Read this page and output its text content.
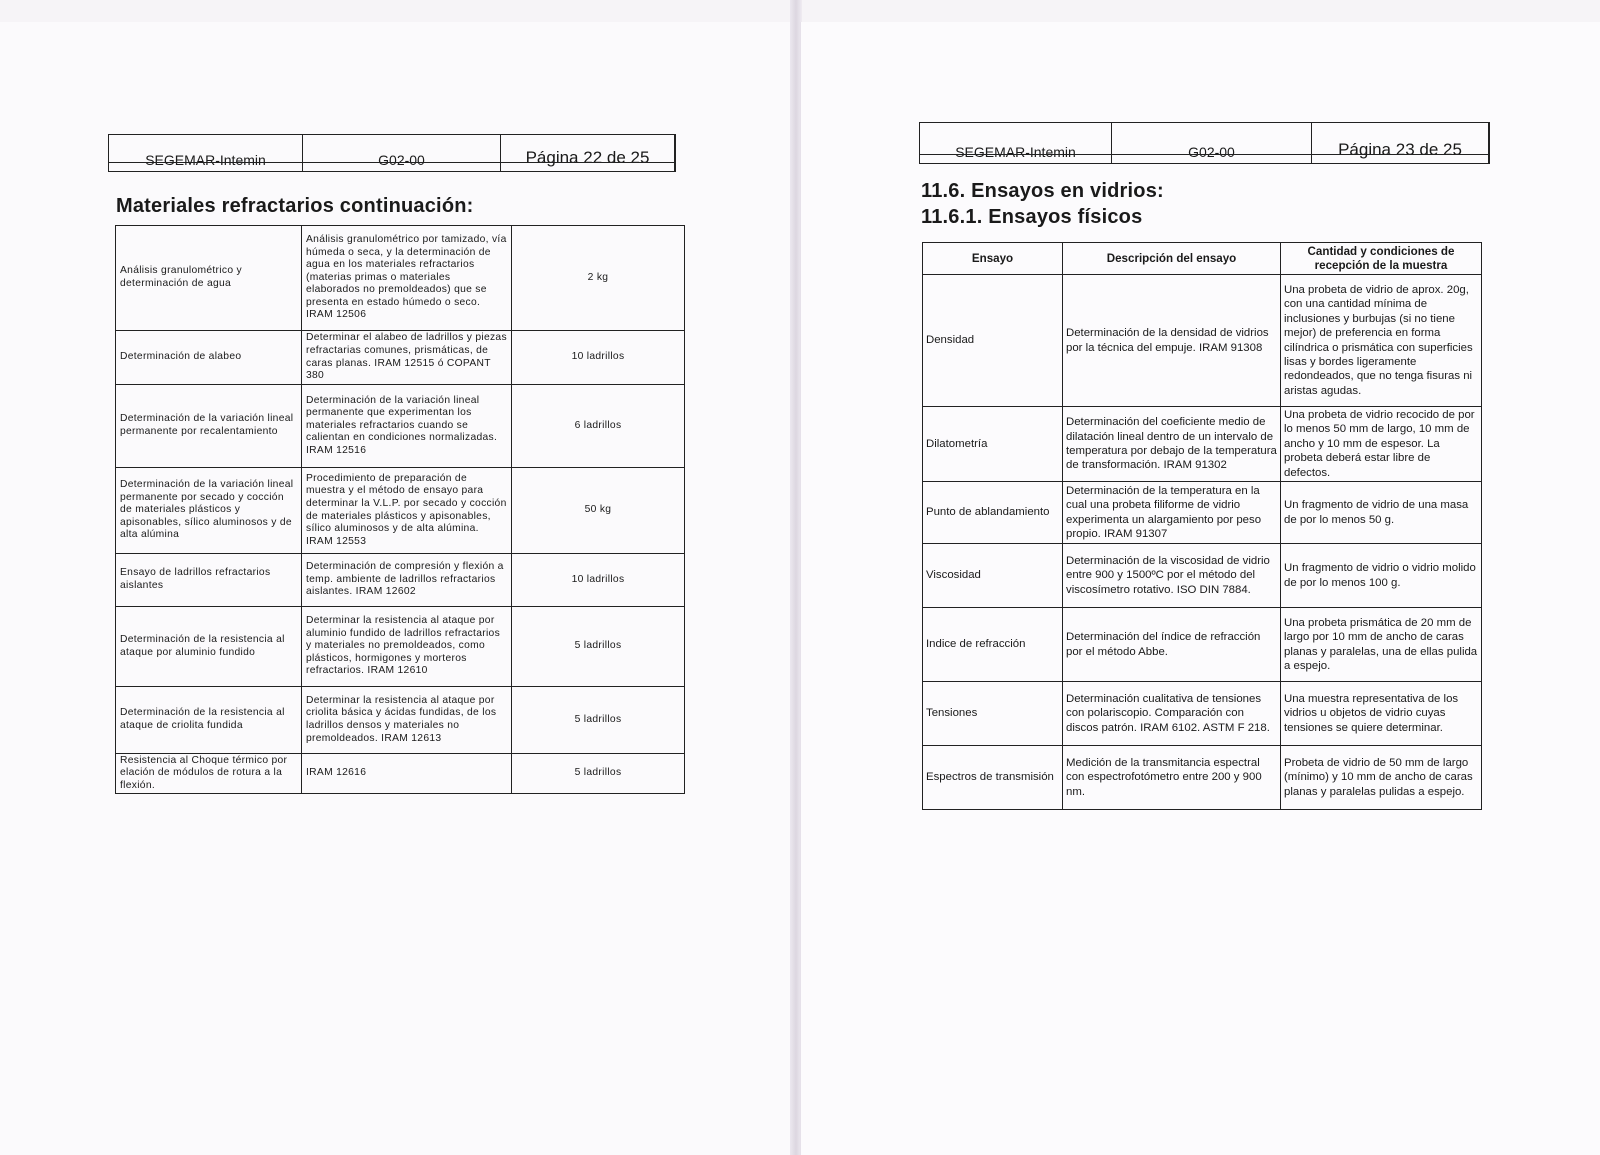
SEGEMAR-Intemin	G02-00	Página 22 de 25
Materiales refractarios continuación:
Análisis granulométrico y determinación de agua	Análisis granulométrico por tamizado, vía húmeda o seca, y la determinación de agua en los materiales refractarios (materias primas o materiales elaborados no premoldeados) que se presenta en estado húmedo o seco. IRAM 12506	2 kg
Determinación de alabeo	Determinar el alabeo de ladrillos y piezas refractarias comunes, prismáticas, de caras planas. IRAM 12515 ó COPANT 380	10 ladrillos
Determinación de la variación lineal permanente por recalentamiento	Determinación de la variación lineal permanente que experimentan los materiales refractarios cuando se calientan en condiciones normalizadas. IRAM 12516	6 ladrillos
Determinación de la variación lineal permanente por secado y cocción de materiales plásticos y apisonables, sílico aluminosos y de alta alúmina	Procedimiento de preparación de muestra y el método de ensayo para determinar la V.L.P. por secado y cocción de materiales plásticos y apisonables, sílico aluminosos y de alta alúmina. IRAM 12553	50 kg
Ensayo de ladrillos refractarios aislantes	Determinación de compresión y flexión a temp. ambiente de ladrillos refractarios aislantes. IRAM 12602	10 ladrillos
Determinación de la resistencia al ataque por aluminio fundido	Determinar la resistencia al ataque por aluminio fundido de ladrillos refractarios y materiales no premoldeados, como plásticos, hormigones y morteros refractarios. IRAM 12610	5 ladrillos
Determinación de la resistencia al ataque de criolita fundida	Determinar la resistencia al ataque por criolita básica y ácidas fundidas, de los ladrillos densos y materiales no premoldeados. IRAM 12613	5 ladrillos
Resistencia al Choque térmico por elación de módulos de rotura a la flexión.	IRAM 12616	5 ladrillos
SEGEMAR-Intemin	G02-00	Página 23 de 25
11.6. Ensayos en vidrios:
11.6.1. Ensayos físicos
Ensayo	Descripción del ensayo	Cantidad y condiciones de recepción de la muestra
Densidad	Determinación de la densidad de vidrios por la técnica del empuje. IRAM 91308	Una probeta de vidrio de aprox. 20g, con una cantidad mínima de inclusiones y burbujas (si no tiene mejor) de preferencia en forma cilíndrica o prismática con superficies lisas y bordes ligeramente redondeados, que no tenga fisuras ni aristas agudas.
Dilatometría	Determinación del coeficiente medio de dilatación lineal dentro de un intervalo de temperatura por debajo de la temperatura de transformación. IRAM 91302	Una probeta de vidrio recocido de por lo menos 50 mm de largo, 10 mm de ancho y 10 mm de espesor. La probeta deberá estar libre de defectos.
Punto de ablandamiento	Determinación de la temperatura en la cual una probeta filiforme de vidrio experimenta un alargamiento por peso propio. IRAM 91307	Un fragmento de vidrio de una masa de por lo menos 50 g.
Viscosidad	Determinación de la viscosidad de vidrio entre 900 y 1500ºC por el método del viscosímetro rotativo. ISO DIN 7884.	Un fragmento de vidrio o vidrio molido de por lo menos 100 g.
Indice de refracción	Determinación del índice de refracción por el método Abbe.	Una probeta prismática de 20 mm de largo por 10 mm de ancho de caras planas y paralelas, una de ellas pulida a espejo.
Tensiones	Determinación cualitativa de tensiones con polariscopio. Comparación con discos patrón. IRAM 6102. ASTM F 218.	Una muestra representativa de los vidrios u objetos de vidrio cuyas tensiones se quiere determinar.
Espectros de transmisión	Medición de la transmitancia espectral con espectrofotómetro entre 200 y 900 nm.	Probeta de vidrio de 50 mm de largo (mínimo) y 10 mm de ancho de caras planas y paralelas pulidas a espejo.
